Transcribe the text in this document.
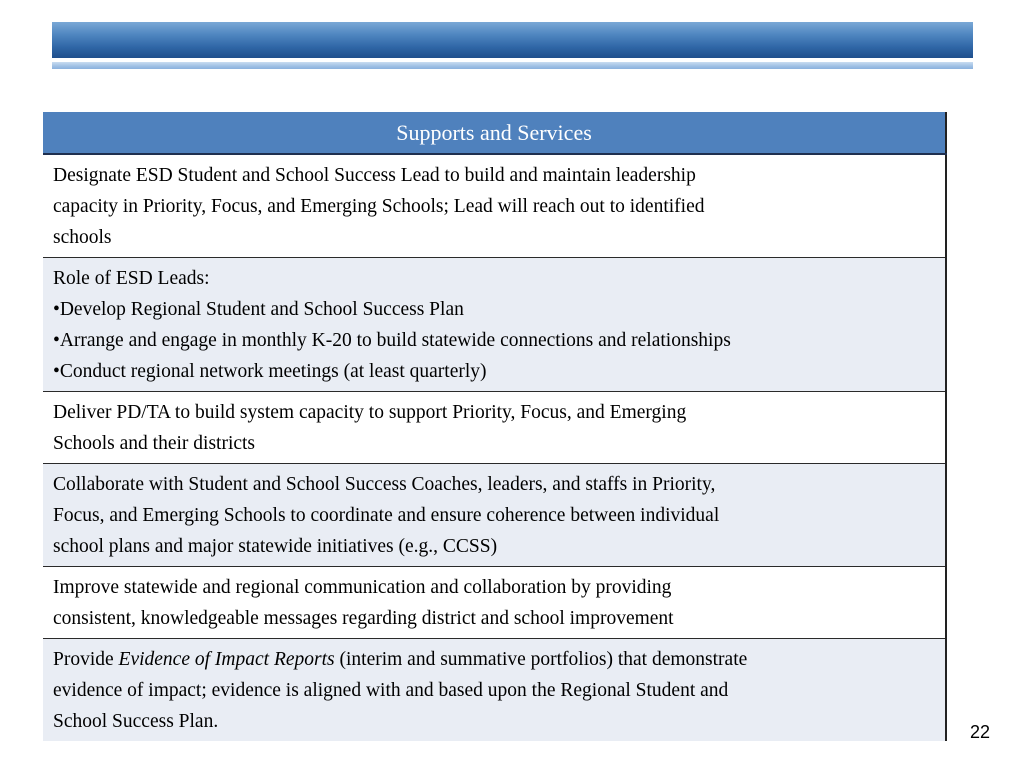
Supports and Services

Designate ESD Student and School Success Lead to build and maintain leadership
capacity in Priority, Focus, and Emerging Schools; Lead will reach out to identified
schools

Role of ESD Leads:
•Develop Regional Student and School Success Plan
•Arrange and engage in monthly K-20 to build statewide connections and relationships
•Conduct regional network meetings (at least quarterly)

Deliver PD/TA to build system capacity to support Priority, Focus, and Emerging
Schools and their districts

Collaborate with Student and School Success Coaches, leaders, and staffs in Priority,
Focus, and Emerging Schools to coordinate and ensure coherence between individual
school plans and major statewide initiatives (e.g., CCSS)

Improve statewide and regional communication and collaboration by providing
consistent, knowledgeable messages regarding district and school improvement

Provide Evidence of Impact Reports (interim and summative portfolios) that demonstrate
evidence of impact; evidence is aligned with and based upon the Regional Student and
School Success Plan.	22
